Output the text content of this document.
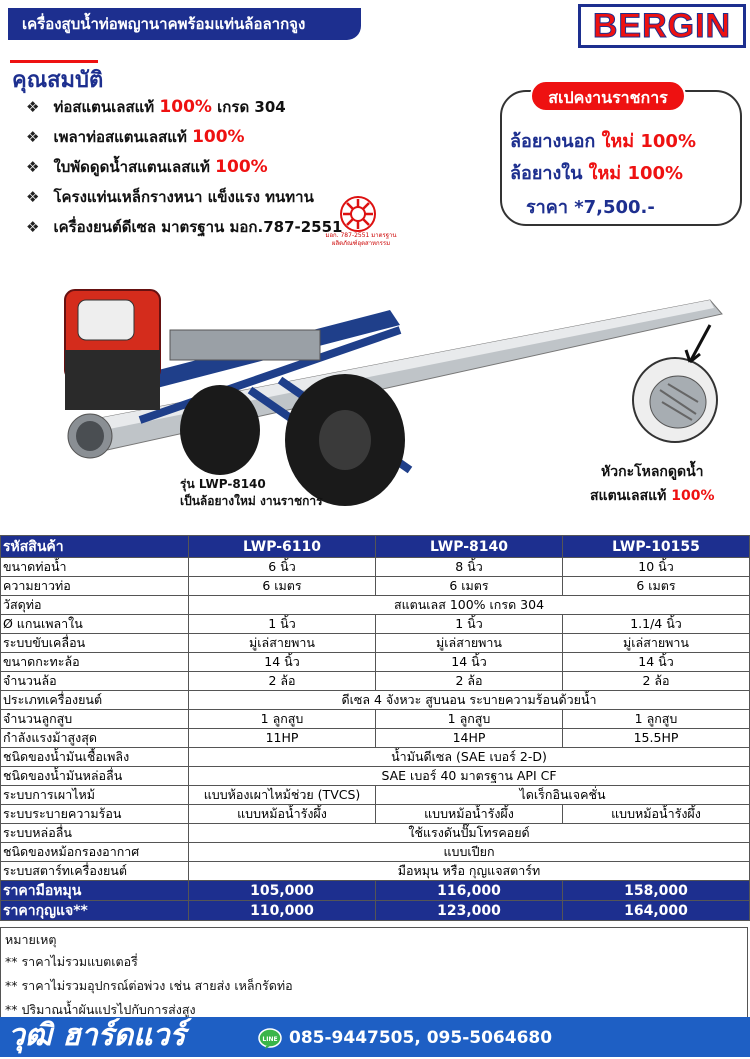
เครื่องสูบน้ำท่อพญานาคพร้อมแท่นล้อลากจูง	BERGIN
คุณสมบัติ
❖ ท่อสแตนเลสแท้ 100% เกรด 304
❖ เพลาท่อสแตนเลสแท้ 100%
❖ ใบพัดดูดน้ำสแตนเลสแท้ 100%
❖ โครงแท่นเหล็กรางหนา แข็งแรง ทนทาน
❖ เครื่องยนต์ดีเซล มาตรฐาน มอก.787-2551
มอก. 787-2551 มาตรฐานผลิตภัณฑ์อุตสาหกรรม
สเปคงานราชการ
ล้อยางนอก ใหม่ 100%
ล้อยางใน ใหม่ 100%
ราคา *7,500.-
รุ่น LWP-8140
เป็นล้อยางใหม่ งานราชการ
หัวกะโหลกดูดน้ำ
สแตนเลสแท้ 100%
รหัสสินค้า	LWP-6110	LWP-8140	LWP-10155
ขนาดท่อน้ำ	6 นิ้ว	8 นิ้ว	10 นิ้ว
ความยาวท่อ	6 เมตร	6 เมตร	6 เมตร
วัสดุท่อ	สแตนเลส 100% เกรด 304		
Ø แกนเพลาใน	1 นิ้ว	1 นิ้ว	1.1/4 นิ้ว
ระบบขับเคลื่อน	มู่เล่สายพาน	มู่เล่สายพาน	มู่เล่สายพาน
ขนาดกะทะล้อ	14 นิ้ว	14 นิ้ว	14 นิ้ว
จำนวนล้อ	2 ล้อ	2 ล้อ	2 ล้อ
ประเภทเครื่องยนต์	ดีเซล 4 จังหวะ สูบนอน ระบายความร้อนด้วยน้ำ		
จำนวนลูกสูบ	1 ลูกสูบ	1 ลูกสูบ	1 ลูกสูบ
กำลังแรงม้าสูงสุด	11HP	14HP	15.5HP
ชนิดของน้ำมันเชื้อเพลิง	น้ำมันดีเซล (SAE เบอร์ 2-D)		
ชนิดของน้ำมันหล่อลื่น	SAE เบอร์ 40 มาตรฐาน API CF		
ระบบการเผาไหม้	แบบห้องเผาไหม้ช่วย (TVCS)	ไดเร็กอินเจคชั่น	
ระบบระบายความร้อน	แบบหม้อน้ำรังผึ้ง	แบบหม้อน้ำรังผึ้ง	แบบหม้อน้ำรังผึ้ง
ระบบหล่อลื่น	ใช้แรงดันปั๊มโทรคอยด์		
ชนิดของหม้อกรองอากาศ	แบบเปียก		
ระบบสตาร์ทเครื่องยนต์	มือหมุน หรือ กุญแจสตาร์ท		
ราคามือหมุน	105,000	116,000	158,000
ราคากุญแจ**	110,000	123,000	164,000
หมายเหตุ
** ราคาไม่รวมแบตเตอรี่
** ราคาไม่รวมอุปกรณ์ต่อพ่วง เช่น สายส่ง เหล็กรัดท่อ
** ปริมาณน้ำผันแปรไปกับการส่งสูง
วุฒิ ฮาร์ดแวร์	LINE 085-9447505, 095-5064680
